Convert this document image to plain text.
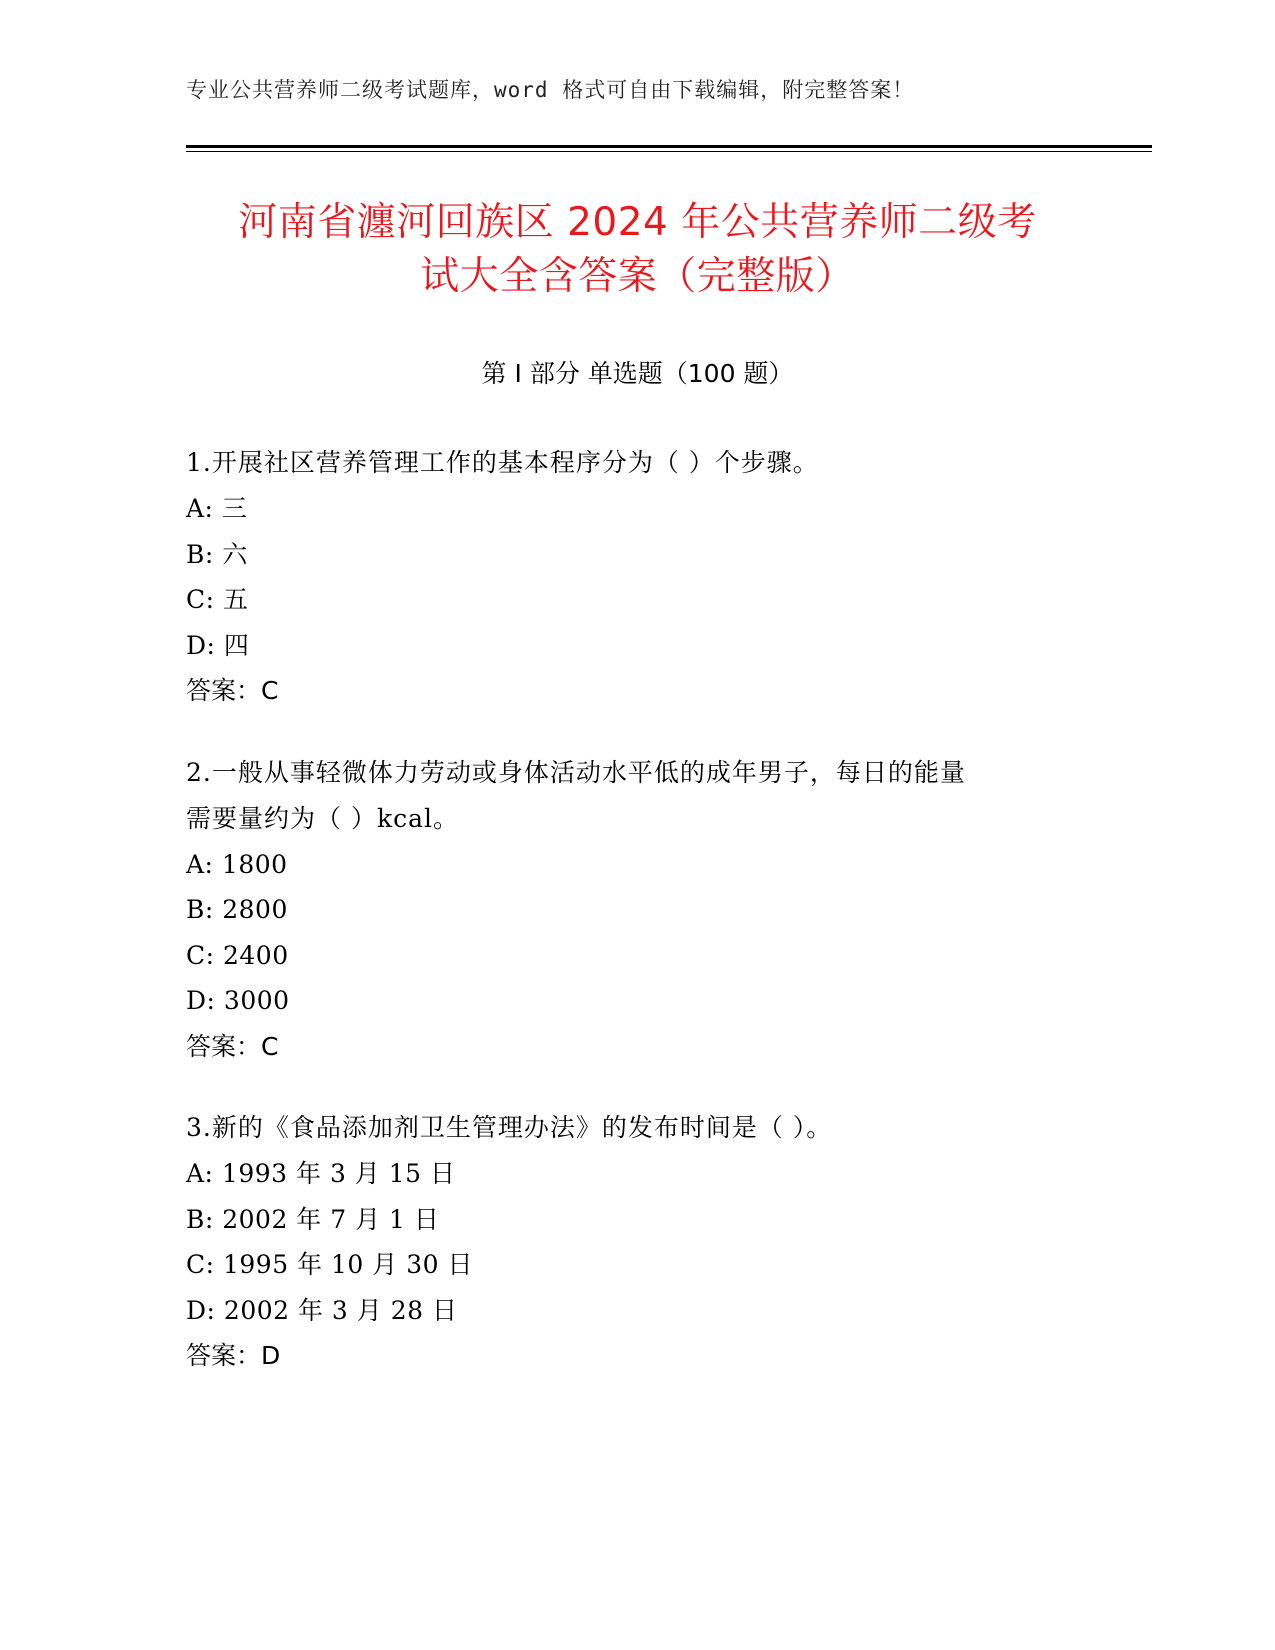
专业公共营养师二级考试题库，word 格式可自由下载编辑，附完整答案！
河南省瀍河回族区 2024 年公共营养师二级考
试大全含答案（完整版）
第 I 部分 单选题（100 题）
1.开展社区营养管理工作的基本程序分为（ ）个步骤。
A: 三
B: 六
C: 五
D: 四
答案：C
2.一般从事轻微体力劳动或身体活动水平低的成年男子，每日的能量
需要量约为（ ）kcal。
A: 1800
B: 2800
C: 2400
D: 3000
答案：C
3.新的《食品添加剂卫生管理办法》的发布时间是（ ）。
A: 1993 年 3 月 15 日
B: 2002 年 7 月 1 日
C: 1995 年 10 月 30 日
D: 2002 年 3 月 28 日
答案：D
